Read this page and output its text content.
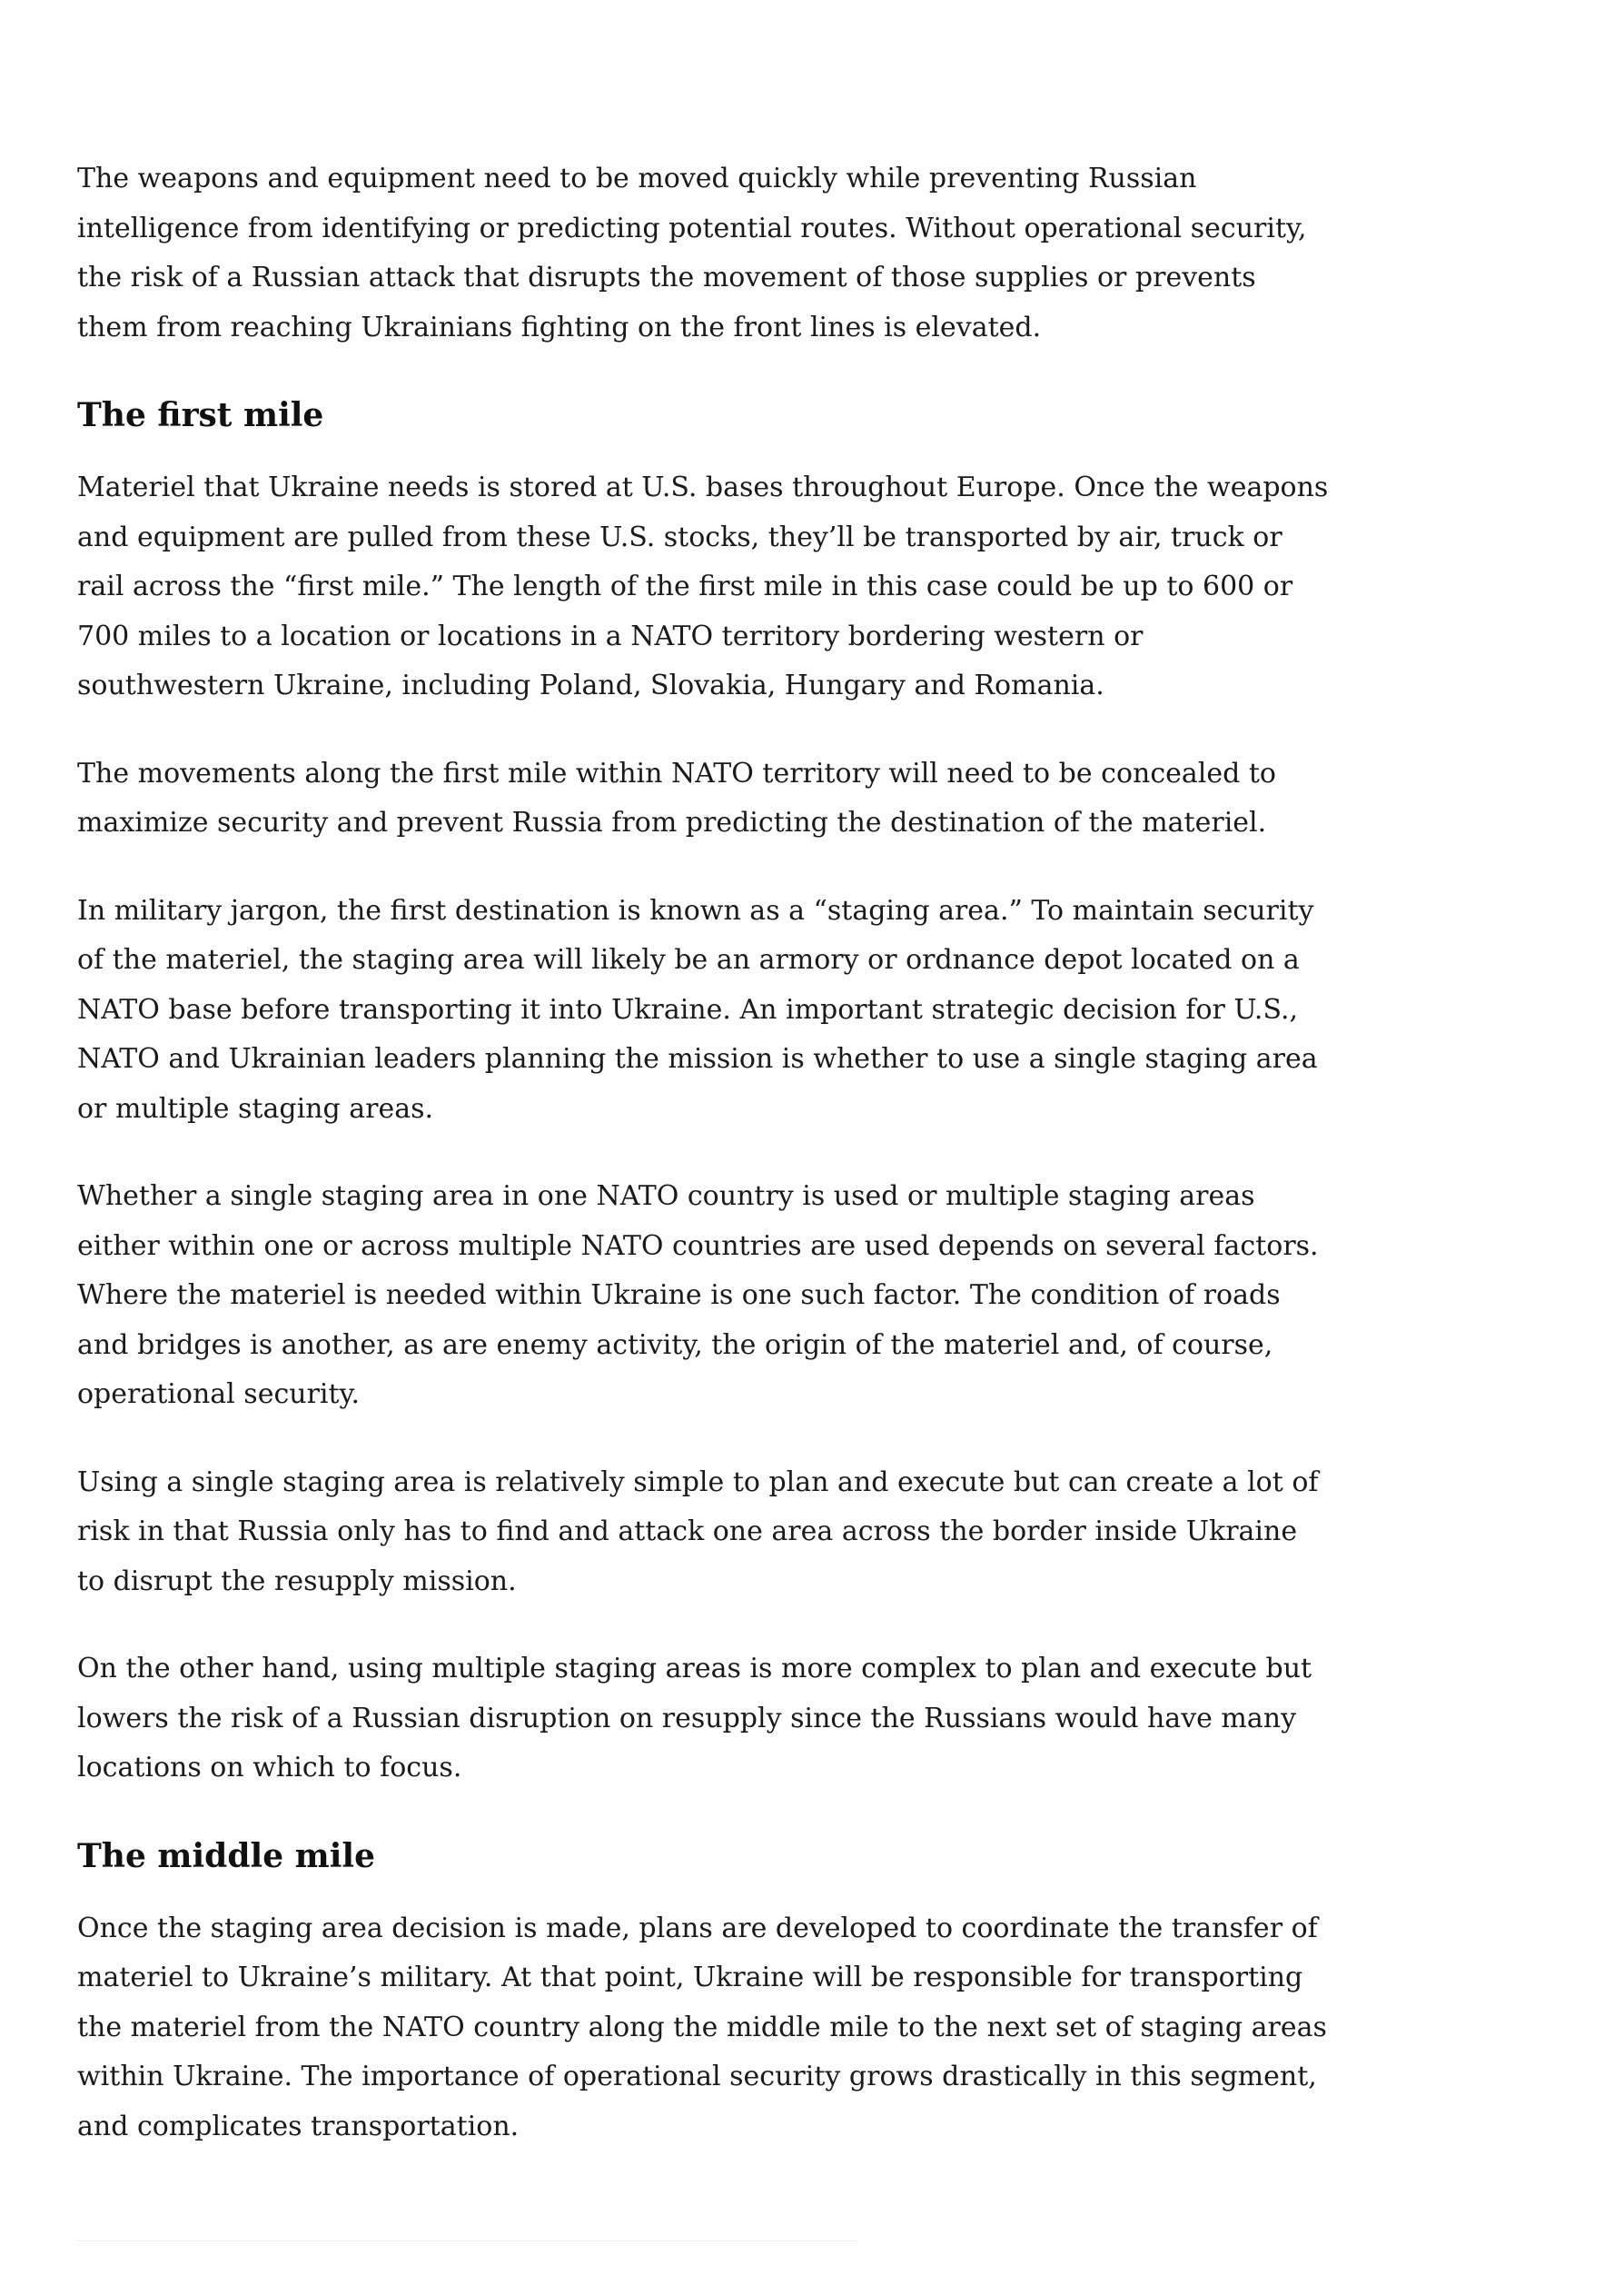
The weapons and equipment need to be moved quickly while preventing Russian intelligence from identifying or predicting potential routes. Without operational security, the risk of a Russian attack that disrupts the movement of those supplies or prevents them from reaching Ukrainians fighting on the front lines is elevated.

The first mile

Materiel that Ukraine needs is stored at U.S. bases throughout Europe. Once the weapons and equipment are pulled from these U.S. stocks, they’ll be transported by air, truck or rail across the “first mile.” The length of the first mile in this case could be up to 600 or 700 miles to a location or locations in a NATO territory bordering western or southwestern Ukraine, including Poland, Slovakia, Hungary and Romania.

The movements along the first mile within NATO territory will need to be concealed to maximize security and prevent Russia from predicting the destination of the materiel.

In military jargon, the first destination is known as a “staging area.” To maintain security of the materiel, the staging area will likely be an armory or ordnance depot located on a NATO base before transporting it into Ukraine. An important strategic decision for U.S., NATO and Ukrainian leaders planning the mission is whether to use a single staging area or multiple staging areas.

Whether a single staging area in one NATO country is used or multiple staging areas either within one or across multiple NATO countries are used depends on several factors. Where the materiel is needed within Ukraine is one such factor. The condition of roads and bridges is another, as are enemy activity, the origin of the materiel and, of course, operational security.

Using a single staging area is relatively simple to plan and execute but can create a lot of risk in that Russia only has to find and attack one area across the border inside Ukraine to disrupt the resupply mission.

On the other hand, using multiple staging areas is more complex to plan and execute but lowers the risk of a Russian disruption on resupply since the Russians would have many locations on which to focus.

The middle mile

Once the staging area decision is made, plans are developed to coordinate the transfer of materiel to Ukraine’s military. At that point, Ukraine will be responsible for transporting the materiel from the NATO country along the middle mile to the next set of staging areas within Ukraine. The importance of operational security grows drastically in this segment, and complicates transportation.
